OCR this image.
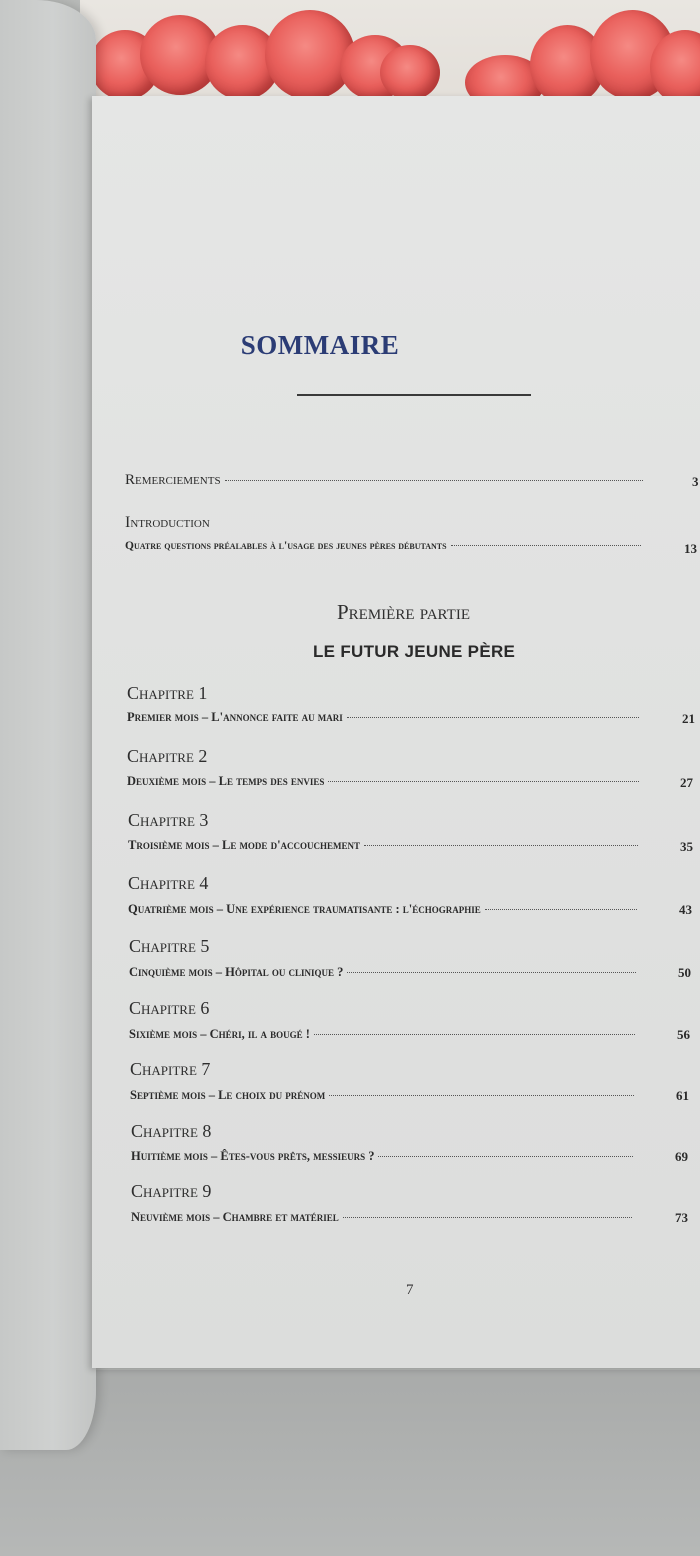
SOMMAIRE
Remerciements	3
Introduction
Quatre questions préalables à l'usage des jeunes pères débutants	13
Première partie
LE FUTUR JEUNE PÈRE
Chapitre 1
Premier mois – L'annonce faite au mari	21
Chapitre 2
Deuxième mois – Le temps des envies	27
Chapitre 3
Troisième mois – Le mode d'accouchement	35
Chapitre 4
Quatrième mois – Une expérience traumatisante : l'échographie	43
Chapitre 5
Cinquième mois – Hôpital ou clinique ?	50
Chapitre 6
Sixième mois – Chéri, il a bougé !	56
Chapitre 7
Septième mois – Le choix du prénom	61
Chapitre 8
Huitième mois – Êtes-vous prêts, messieurs ?	69
Chapitre 9
Neuvième mois – Chambre et matériel	73
7
